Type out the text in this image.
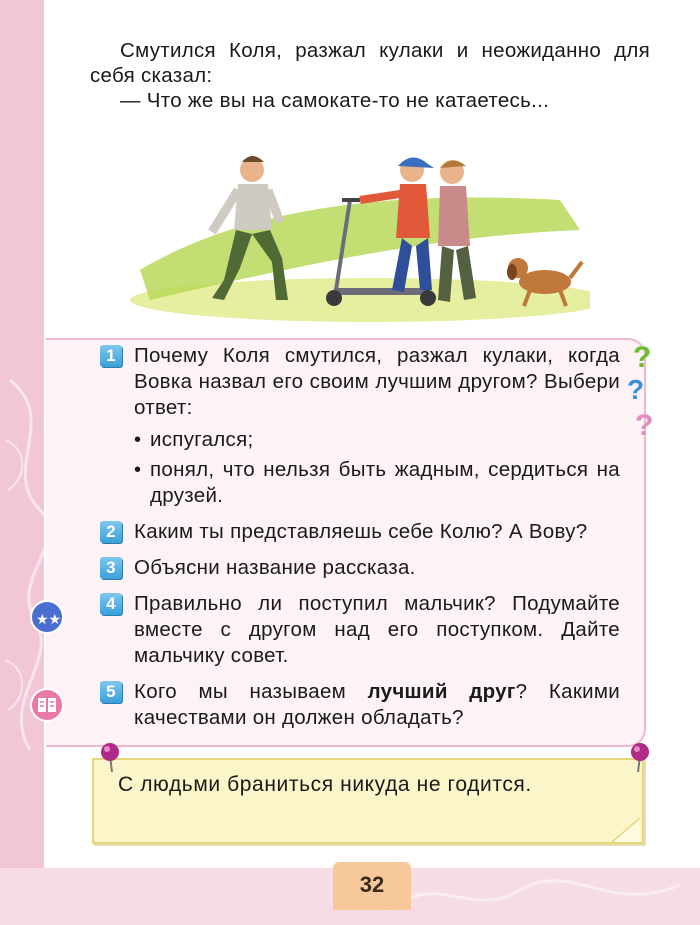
Смутился Коля, разжал кулаки и неожиданно для себя сказал:

— Что же вы на самокате-то не катаетесь...

?
?
?
1 Почему Коля смутился, разжал кулаки, когда Вовка назвал его своим лучшим другом? Выбери ответ:

• испугался;
• понял, что нельзя быть жадным, сердиться на друзей.
2 Каким ты представляешь себе Колю? А Вову?

3 Объясни название рассказа.

4 Правильно ли поступил мальчик? Подумайте вместе с другом над его поступком. Дайте мальчику совет.

5 Кого мы называем лучший друг? Какими качествами он должен обладать?

★★

С людьми браниться никуда не годится.

32
